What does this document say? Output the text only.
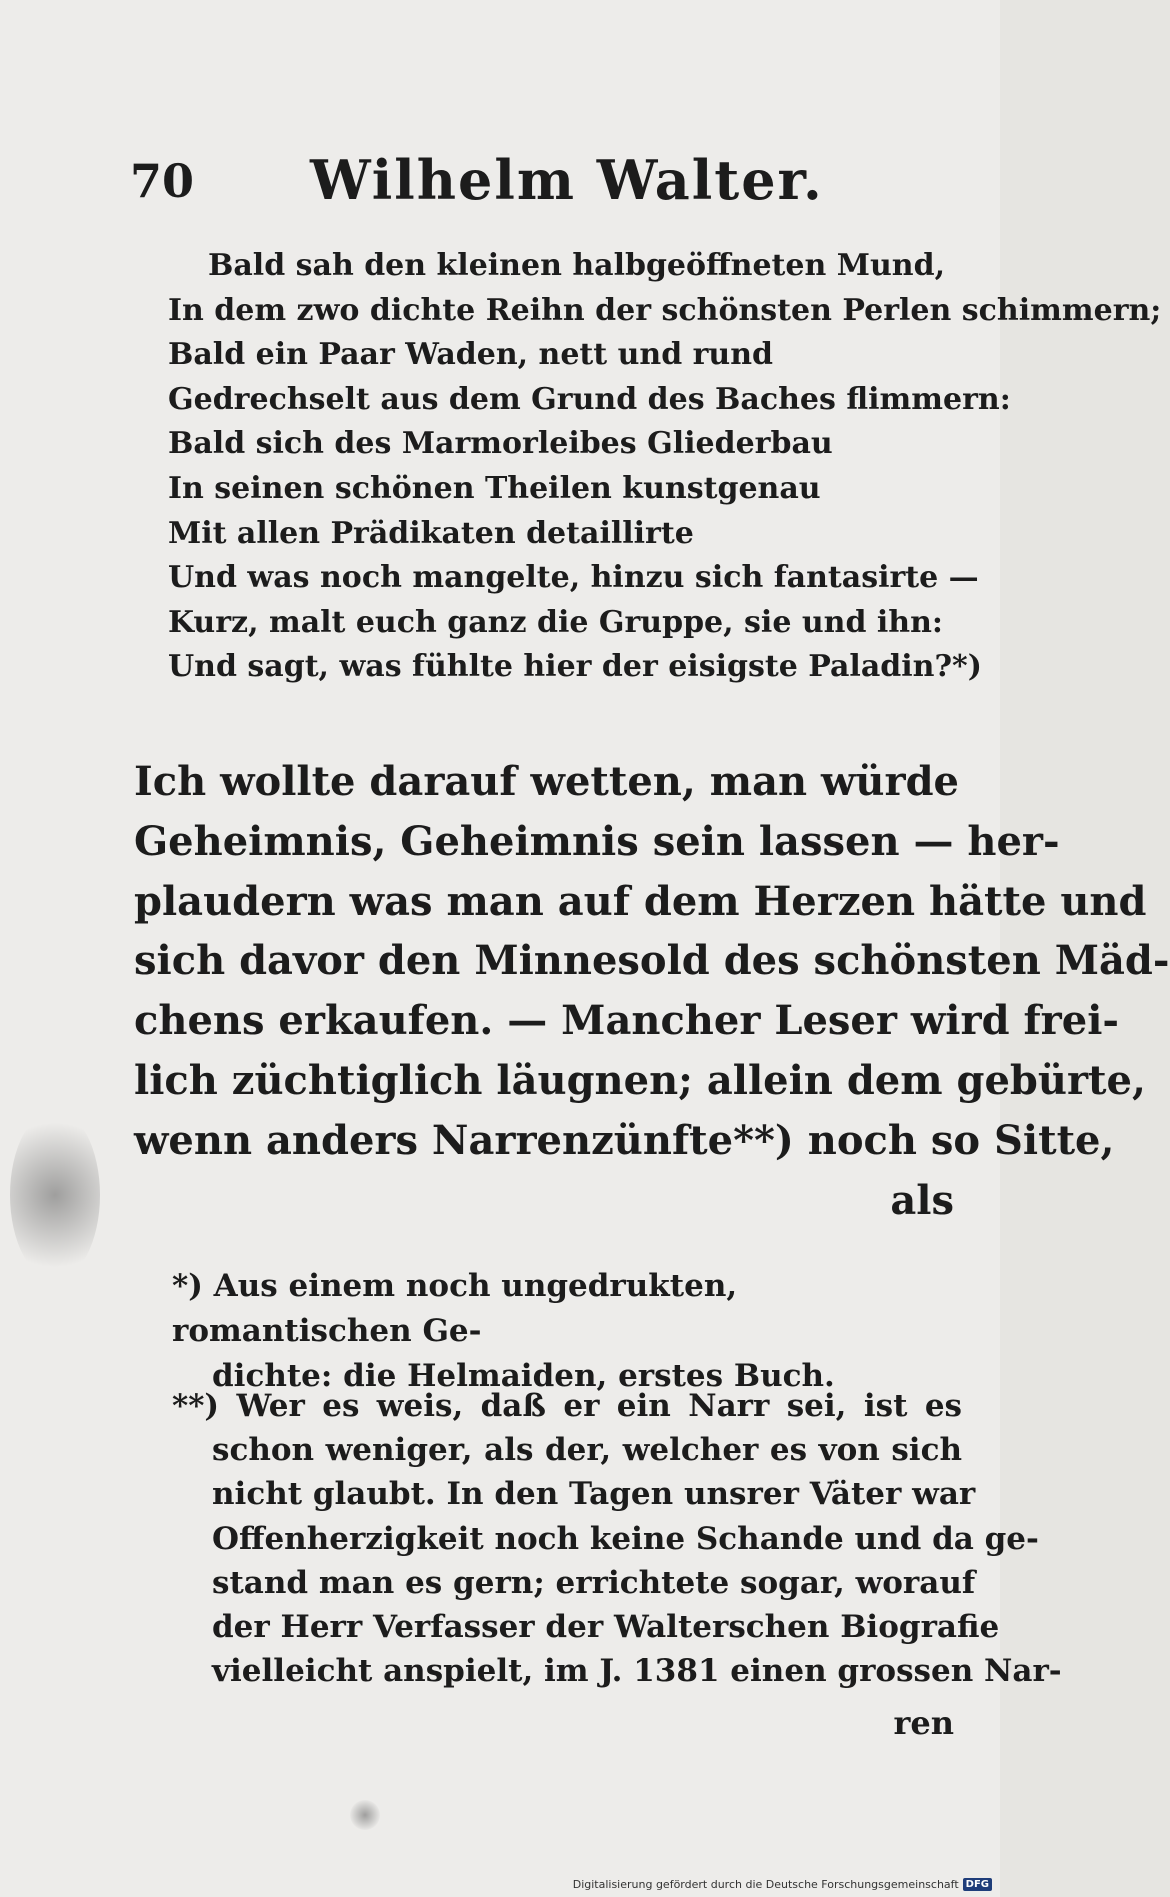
70 Wilhelm Walter.
Bald sah den kleinen halbgeöffneten Mund,
In dem zwo dichte Reihn der schönsten Perlen schimmern;
Bald ein Paar Waden, nett und rund
Gedrechselt aus dem Grund des Baches flimmern:
Bald sich des Marmorleibes Gliederbau
In seinen schönen Theilen kunstgenau
Mit allen Prädikaten detaillirte
Und was noch mangelte, hinzu sich fantasirte —
Kurz, malt euch ganz die Gruppe, sie und ihn:
Und sagt, was fühlte hier der eisigste Paladin?*)
Ich wollte darauf wetten, man würde
Geheimnis, Geheimnis sein lassen — her-
plaudern was man auf dem Herzen hätte und
sich davor den Minnesold des schönsten Mäd-
chens erkaufen. — Mancher Leser wird frei-
lich züchtiglich läugnen; allein dem gebürte,
wenn anders Narrenzünfte**) noch so Sitte,
als
*) Aus einem noch ungedrukten, romantischen Ge-
dichte: die Helmaiden, erstes Buch.
**) Wer es weis, daß er ein Narr sei, ist es
schon weniger, als der, welcher es von sich
nicht glaubt. In den Tagen unsrer Väter war
Offenherzigkeit noch keine Schande und da ge-
stand man es gern; errichtete sogar, worauf
der Herr Verfasser der Walterschen Biografie
vielleicht anspielt, im J. 1381 einen grossen Nar-
ren
Digitalisierung gefördert durch die Deutsche Forschungsgemeinschaft DFG
